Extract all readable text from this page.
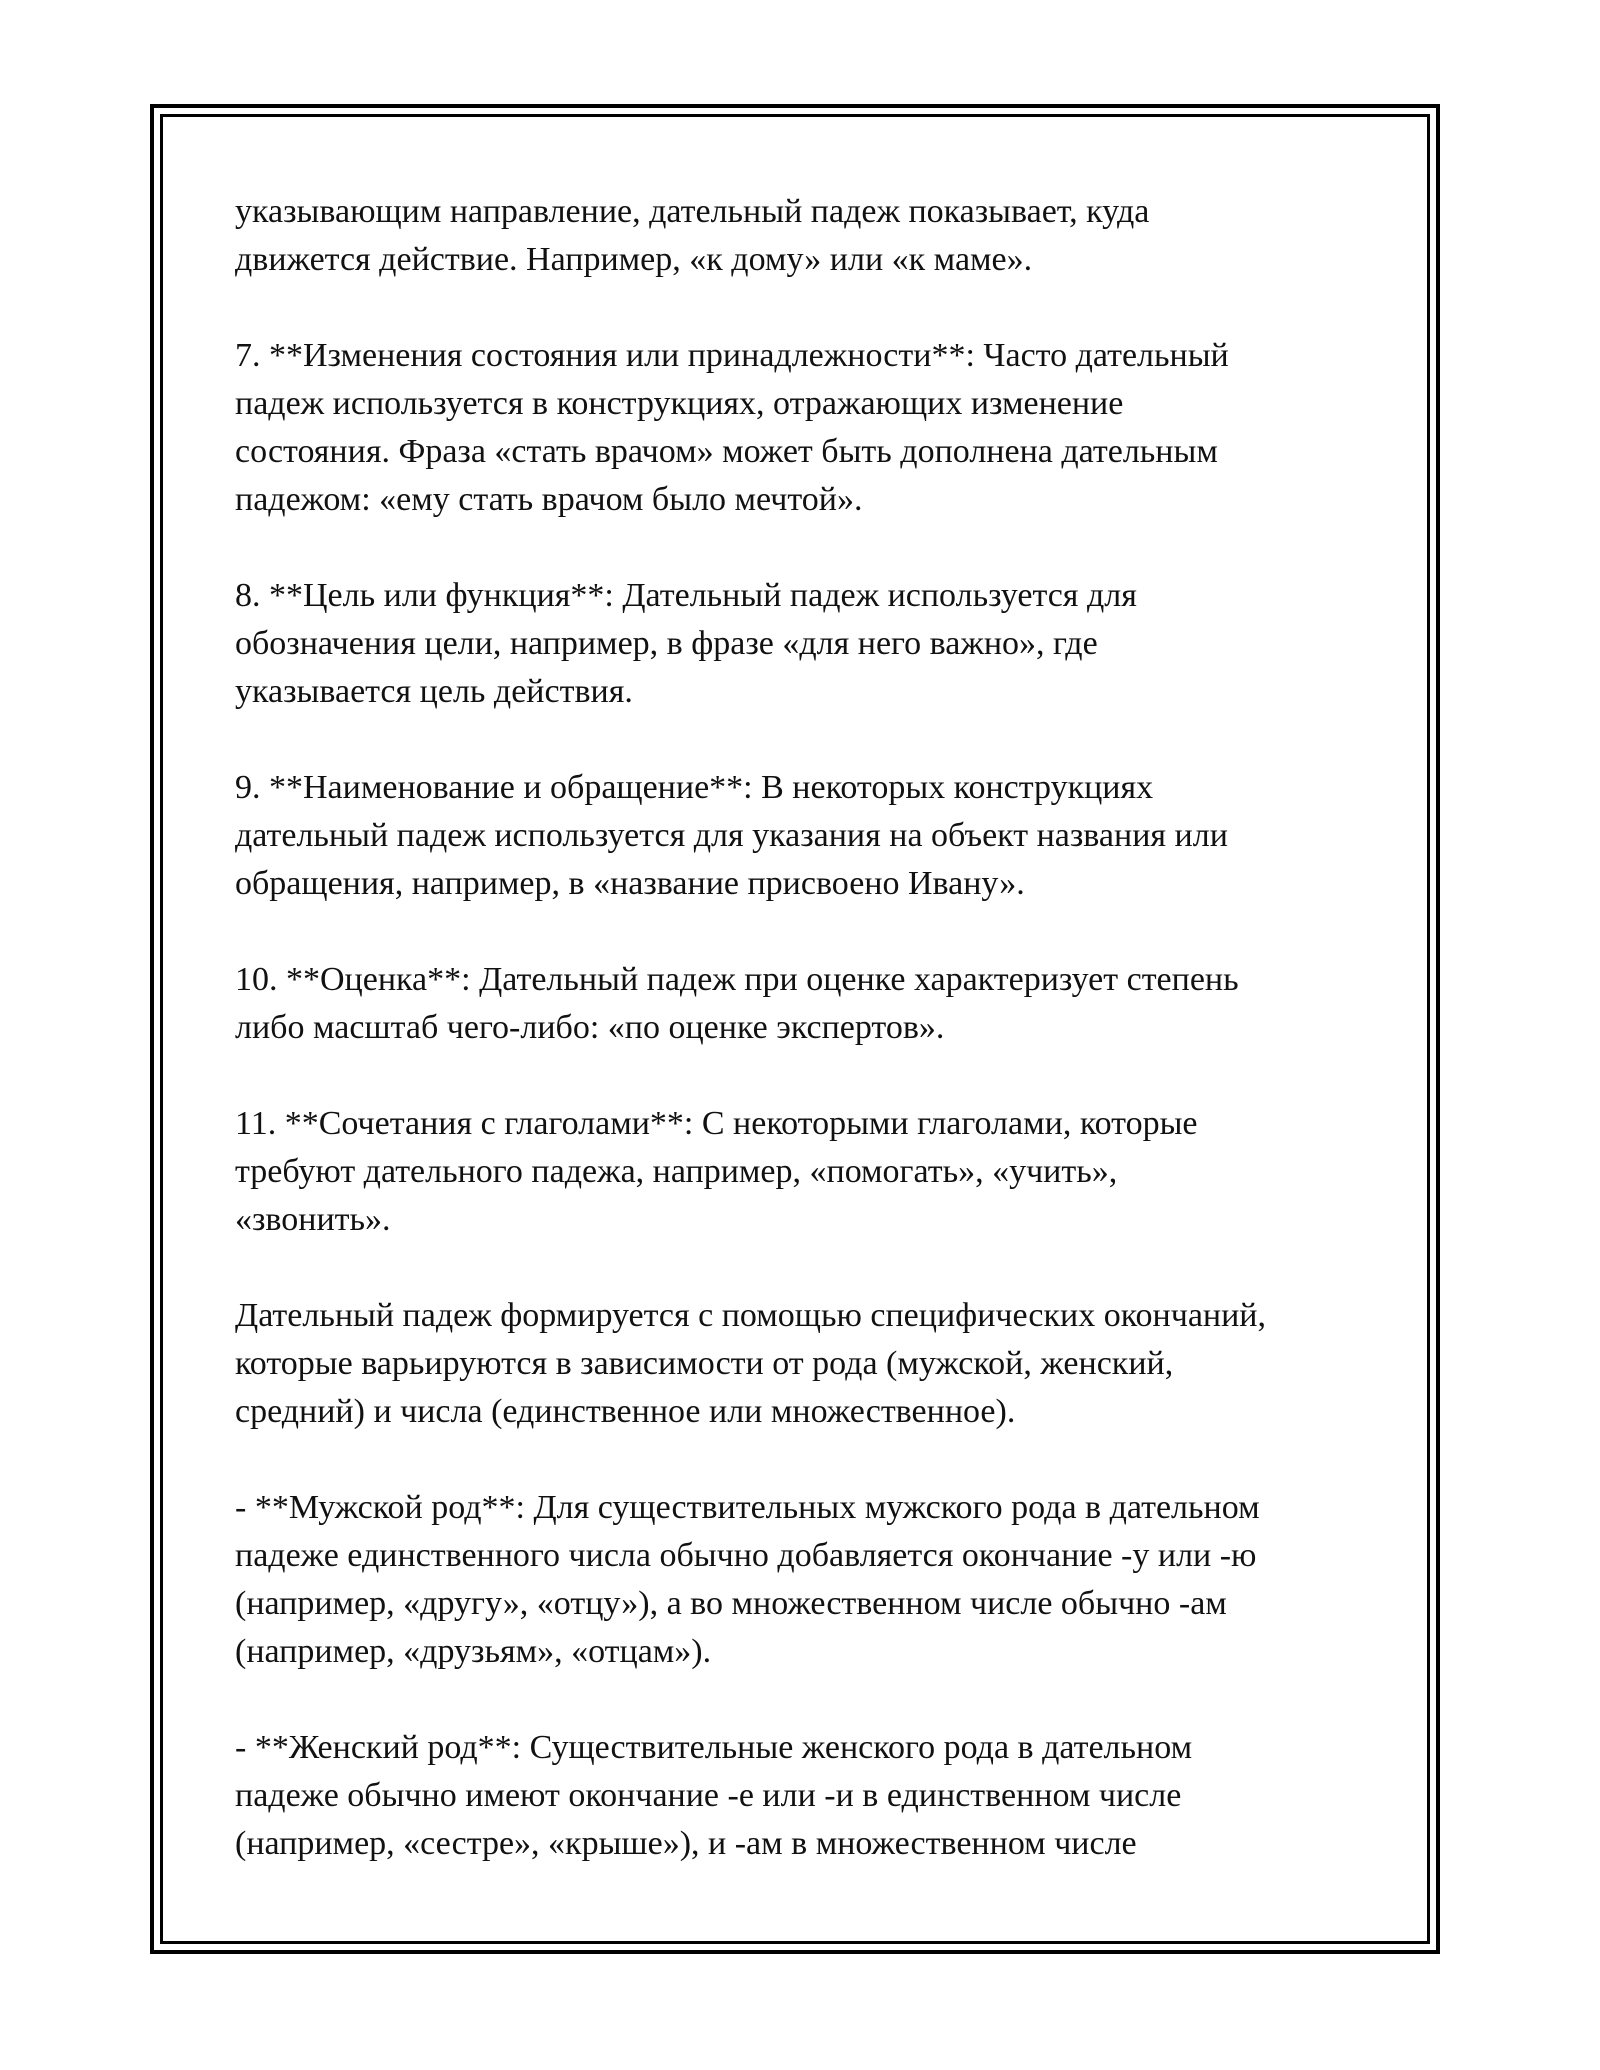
указывающим направление, дательный падеж показывает, куда
движется действие. Например, «к дому» или «к маме».
7. **Изменения состояния или принадлежности**: Часто дательный
падеж используется в конструкциях, отражающих изменение
состояния. Фраза «стать врачом» может быть дополнена дательным
падежом: «ему стать врачом было мечтой».
8. **Цель или функция**: Дательный падеж используется для
обозначения цели, например, в фразе «для него важно», где
указывается цель действия.
9. **Наименование и обращение**: В некоторых конструкциях
дательный падеж используется для указания на объект названия или
обращения, например, в «название присвоено Ивану».
10. **Оценка**: Дательный падеж при оценке характеризует степень
либо масштаб чего-либо: «по оценке экспертов».
11. **Сочетания с глаголами**: С некоторыми глаголами, которые
требуют дательного падежа, например, «помогать», «учить»,
«звонить».
Дательный падеж формируется с помощью специфических окончаний,
которые варьируются в зависимости от рода (мужской, женский,
средний) и числа (единственное или множественное).
- **Мужской род**: Для существительных мужского рода в дательном
падеже единственного числа обычно добавляется окончание -у или -ю
(например, «другу», «отцу»), а во множественном числе обычно -ам
(например, «друзьям», «отцам»).
- **Женский род**: Существительные женского рода в дательном
падеже обычно имеют окончание -е или -и в единственном числе
(например, «сестре», «крыше»), и -ам в множественном числе
